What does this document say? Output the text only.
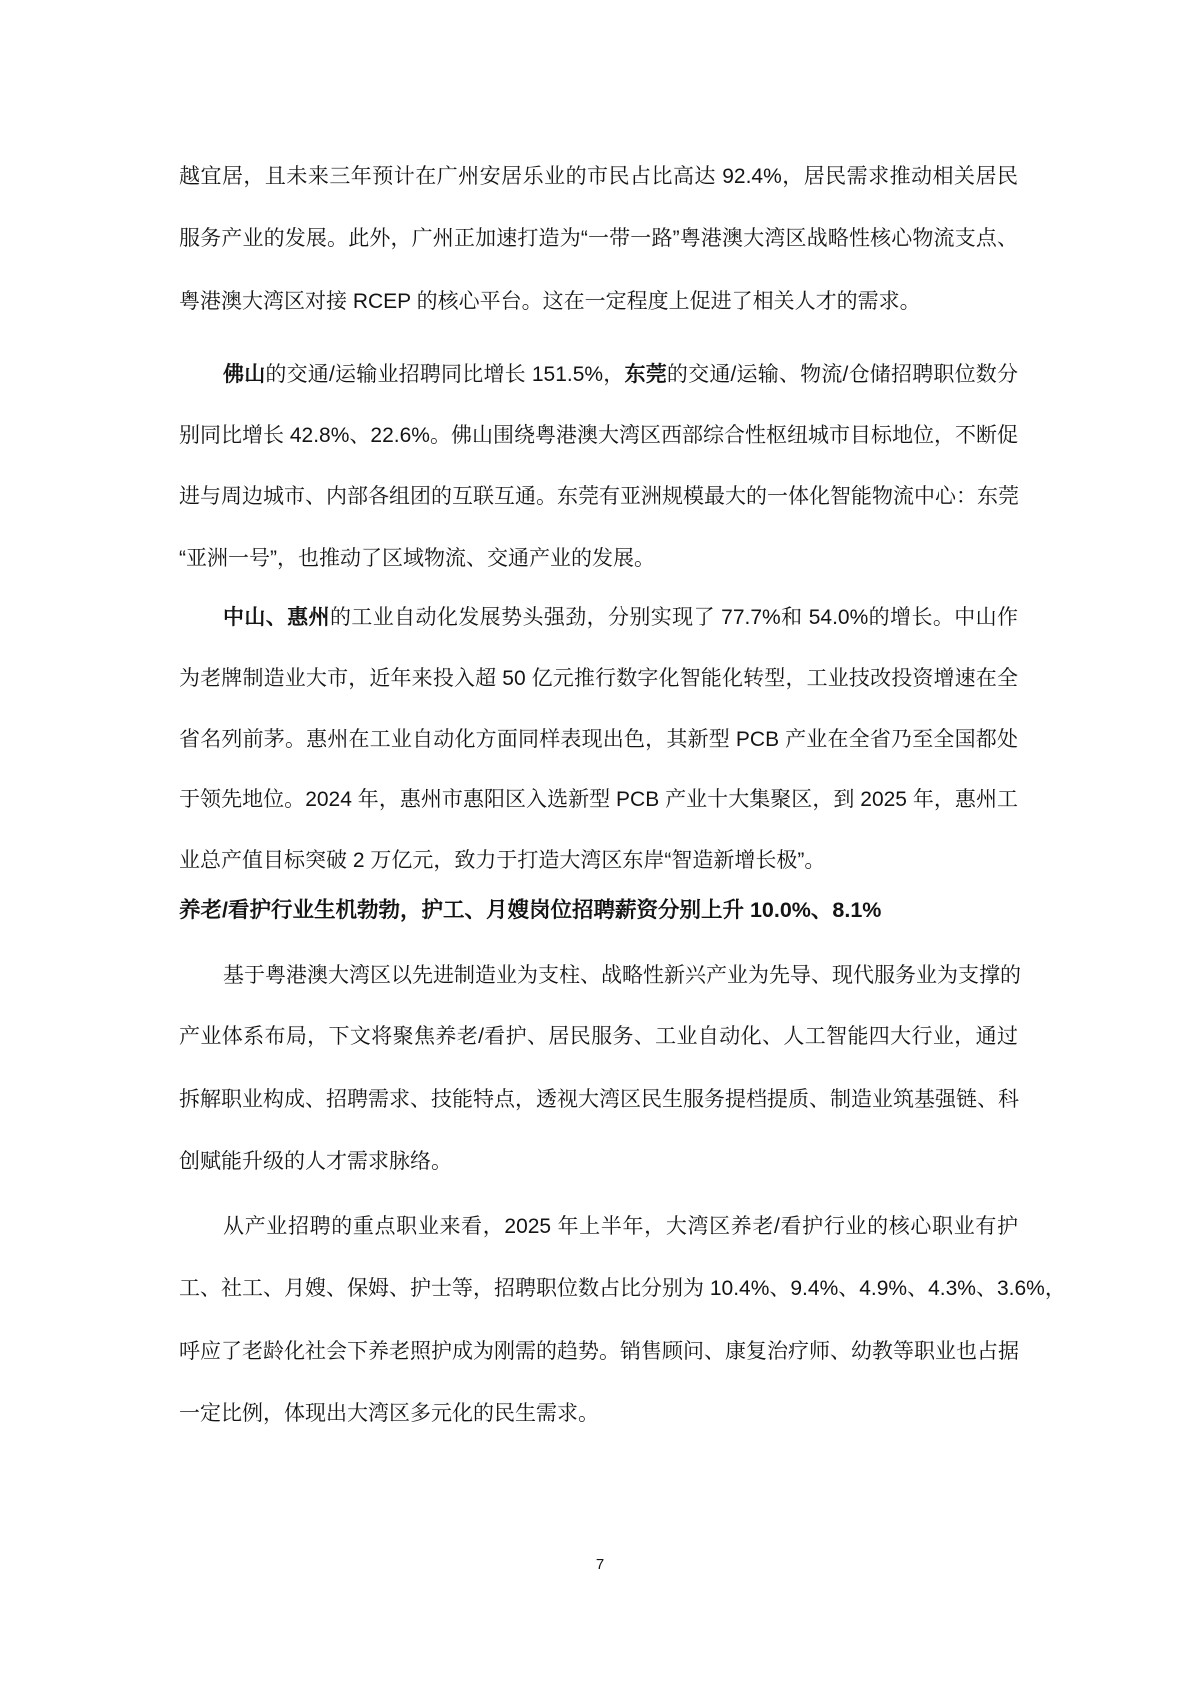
越宜居，且未来三年预计在广州安居乐业的市民占比高达 92.4%，居民需求推动相关居民
服务产业的发展。此外，广州正加速打造为“一带一路”粤港澳大湾区战略性核心物流支点、
粤港澳大湾区对接 RCEP 的核心平台。这在一定程度上促进了相关人才的需求。
佛山的交通/运输业招聘同比增长 151.5%，东莞的交通/运输、物流/仓储招聘职位数分
别同比增长 42.8%、22.6%。佛山围绕粤港澳大湾区西部综合性枢纽城市目标地位，不断促
进与周边城市、内部各组团的互联互通。东莞有亚洲规模最大的一体化智能物流中心：东莞
“亚洲一号”，也推动了区域物流、交通产业的发展。
中山、惠州的工业自动化发展势头强劲，分别实现了 77.7%和 54.0%的增长。中山作
为老牌制造业大市，近年来投入超 50 亿元推行数字化智能化转型，工业技改投资增速在全
省名列前茅。惠州在工业自动化方面同样表现出色，其新型 PCB 产业在全省乃至全国都处
于领先地位。2024 年，惠州市惠阳区入选新型 PCB 产业十大集聚区，到 2025 年，惠州工
业总产值目标突破 2 万亿元，致力于打造大湾区东岸“智造新增长极”。
养老/看护行业生机勃勃，护工、月嫂岗位招聘薪资分别上升 10.0%、8.1%
基于粤港澳大湾区以先进制造业为支柱、战略性新兴产业为先导、现代服务业为支撑的
产业体系布局，下文将聚焦养老/看护、居民服务、工业自动化、人工智能四大行业，通过
拆解职业构成、招聘需求、技能特点，透视大湾区民生服务提档提质、制造业筑基强链、科
创赋能升级的人才需求脉络。
从产业招聘的重点职业来看，2025 年上半年，大湾区养老/看护行业的核心职业有护
工、社工、月嫂、保姆、护士等，招聘职位数占比分别为 10.4%、9.4%、4.9%、4.3%、3.6%，
呼应了老龄化社会下养老照护成为刚需的趋势。销售顾问、康复治疗师、幼教等职业也占据
一定比例，体现出大湾区多元化的民生需求。
7
